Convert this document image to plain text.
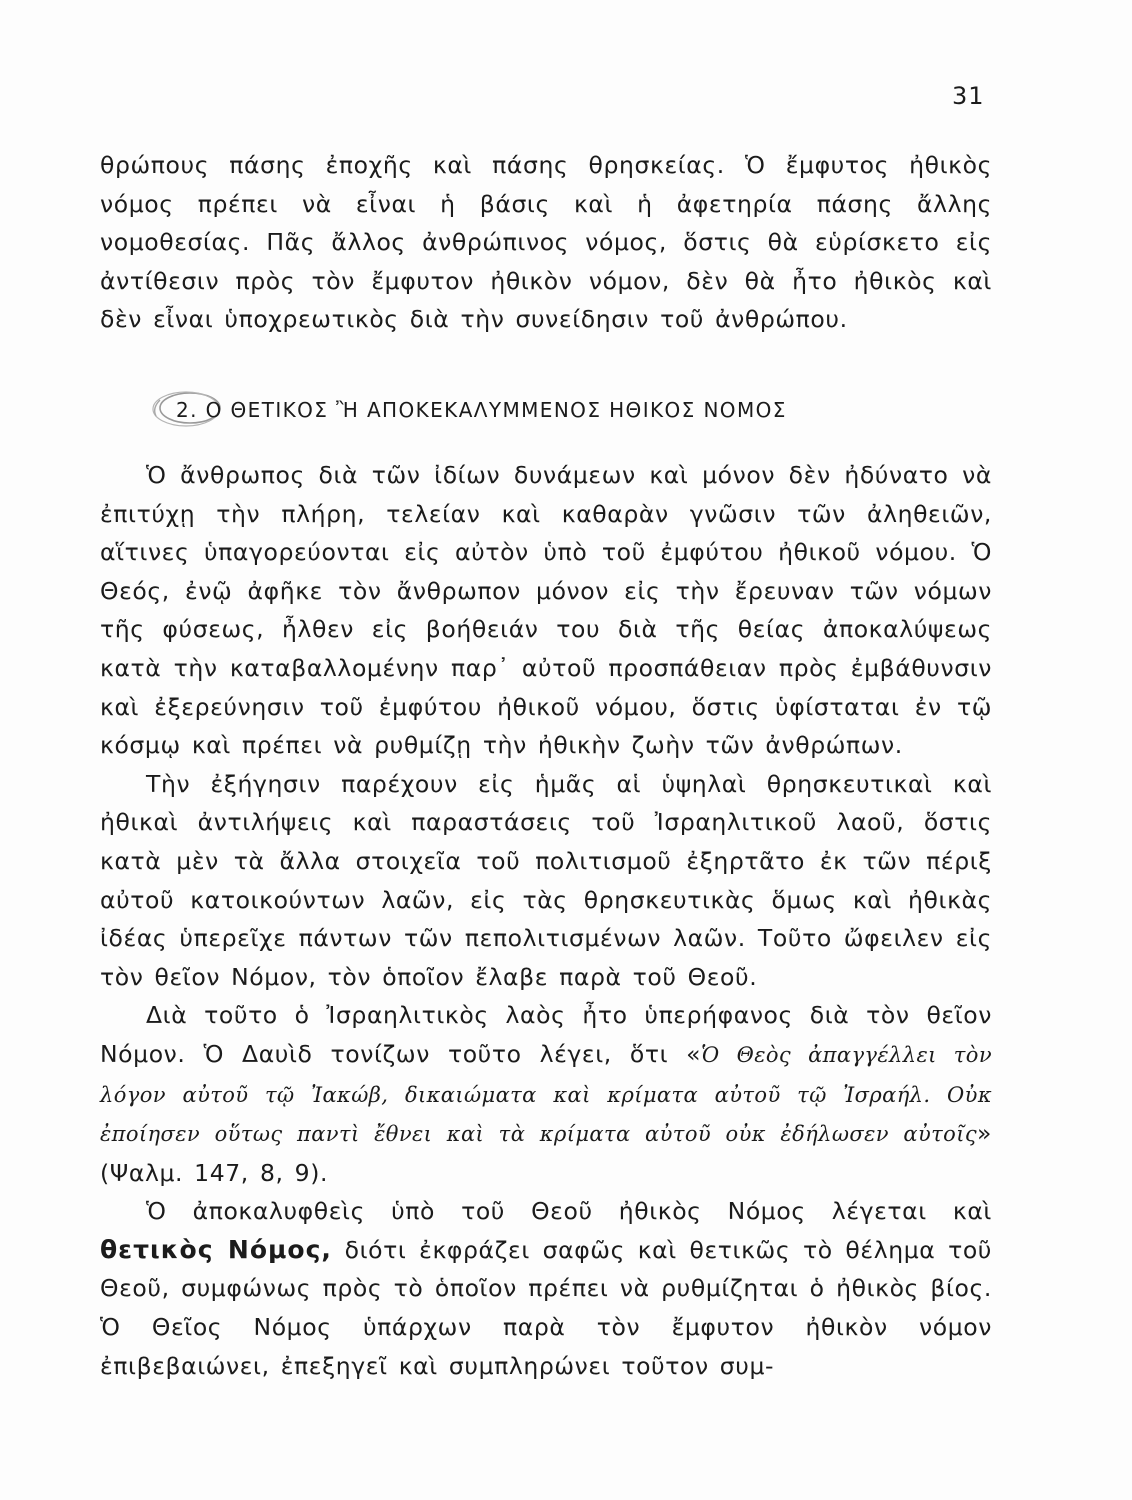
31

θρώπους πάσης ἐποχῆς καὶ πάσης θρησκείας. Ὁ ἔμφυτος ἠθικὸς νόμος πρέπει νὰ εἶναι ἡ βάσις καὶ ἡ ἀφετηρία πάσης ἄλλης νομοθεσίας. Πᾶς ἄλλος ἀνθρώπινος νόμος, ὅστις θὰ εὑρίσκετο εἰς ἀντίθεσιν πρὸς τὸν ἔμφυτον ἠθικὸν νόμον, δὲν θὰ ἦτο ἠθικὸς καὶ δὲν εἶναι ὑποχρεωτικὸς διὰ τὴν συνείδησιν τοῦ ἀνθρώπου.

2. Ο ΘΕΤΙΚΟΣ Ἢ ΑΠΟΚΕΚΑΛΥΜΜΕΝΟΣ ΗΘΙΚΟΣ ΝΟΜΟΣ

Ὁ ἄνθρωπος διὰ τῶν ἰδίων δυνάμεων καὶ μόνον δὲν ἠδύνατο νὰ ἐπιτύχῃ τὴν πλήρη, τελείαν καὶ καθαρὰν γνῶσιν τῶν ἀληθειῶν, αἵτινες ὑπαγορεύονται εἰς αὐτὸν ὑπὸ τοῦ ἐμφύτου ἠθικοῦ νόμου. Ὁ Θεός, ἐνῷ ἀφῆκε τὸν ἄνθρωπον μόνον εἰς τὴν ἔρευναν τῶν νόμων τῆς φύσεως, ἦλθεν εἰς βοήθειάν του διὰ τῆς θείας ἀποκαλύψεως κατὰ τὴν καταβαλλομένην παρ᾽ αὐτοῦ προσπάθειαν πρὸς ἐμβάθυνσιν καὶ ἐξερεύνησιν τοῦ ἐμφύτου ἠθικοῦ νόμου, ὅστις ὑφίσταται ἐν τῷ κόσμῳ καὶ πρέπει νὰ ρυθμίζῃ τὴν ἠθικὴν ζωὴν τῶν ἀνθρώπων.

Τὴν ἐξήγησιν παρέχουν εἰς ἡμᾶς αἱ ὑψηλαὶ θρησκευτικαὶ καὶ ἠθικαὶ ἀντιλήψεις καὶ παραστάσεις τοῦ Ἰσραηλιτικοῦ λαοῦ, ὅστις κατὰ μὲν τὰ ἄλλα στοιχεῖα τοῦ πολιτισμοῦ ἐξηρτᾶτο ἐκ τῶν πέριξ αὐτοῦ κατοικούντων λαῶν, εἰς τὰς θρησκευτικὰς ὅμως καὶ ἠθικὰς ἰδέας ὑπερεῖχε πάντων τῶν πεπολιτισμένων λαῶν. Τοῦτο ὤφειλεν εἰς τὸν θεῖον Νόμον, τὸν ὁποῖον ἔλαβε παρὰ τοῦ Θεοῦ.

Διὰ τοῦτο ὁ Ἰσραηλιτικὸς λαὸς ἦτο ὑπερήφανος διὰ τὸν θεῖον Νόμον. Ὁ Δαυὶδ τονίζων τοῦτο λέγει, ὅτι «Ὁ Θεὸς ἀπαγγέλλει τὸν λόγον αὐτοῦ τῷ Ἰακώβ, δικαιώματα καὶ κρίματα αὐτοῦ τῷ Ἰσραήλ. Οὐκ ἐποίησεν οὕτως παντὶ ἔθνει καὶ τὰ κρίματα αὐτοῦ οὐκ ἐδήλωσεν αὐτοῖς» (Ψαλμ. 147, 8, 9).

Ὁ ἀποκαλυφθεὶς ὑπὸ τοῦ Θεοῦ ἠθικὸς Νόμος λέγεται καὶ θετικὸς Νόμος, διότι ἐκφράζει σαφῶς καὶ θετικῶς τὸ θέλημα τοῦ Θεοῦ, συμφώνως πρὸς τὸ ὁποῖον πρέπει νὰ ρυθμίζηται ὁ ἠθικὸς βίος. Ὁ Θεῖος Νόμος ὑπάρχων παρὰ τὸν ἔμφυτον ἠθικὸν νόμον ἐπιβεβαιώνει, ἐπεξηγεῖ καὶ συμπληρώνει τοῦτον συμ-
